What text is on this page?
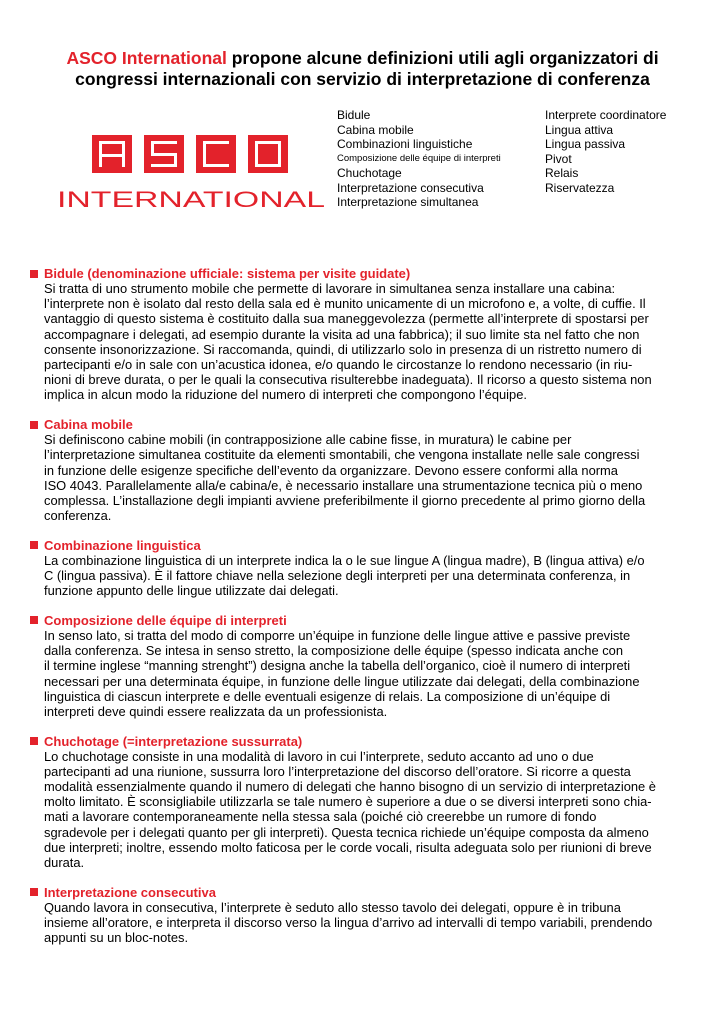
ASCO International propone alcune definizioni utili agli organizzatori di
congressi internazionali con servizio di interpretazione di conferenza
INTERNATIONAL
Bidule
Cabina mobile
Combinazioni linguistiche
Composizione delle équipe di interpreti
Chuchotage
Interpretazione consecutiva
Interpretazione simultanea
Interprete coordinatore
Lingua attiva
Lingua passiva
Pivot
Relais
Riservatezza
Bidule (denominazione ufficiale: sistema per visite guidate)
Si tratta di uno strumento mobile che permette di lavorare in simultanea senza installare una cabina:
l’interprete non è isolato dal resto della sala ed è munito unicamente di un microfono e, a volte, di cuffie. Il
vantaggio di questo sistema è costituito dalla sua maneggevolezza (permette all’interprete di spostarsi per
accompagnare i delegati, ad esempio durante la visita ad una fabbrica); il suo limite sta nel fatto che non
consente insonorizzazione. Si raccomanda, quindi, di utilizzarlo solo in presenza di un ristretto numero di
partecipanti e/o in sale con un’acustica idonea, e/o quando le circostanze lo rendono necessario (in riu-
nioni di breve durata, o per le quali la consecutiva risulterebbe inadeguata). Il ricorso a questo sistema non
implica in alcun modo la riduzione del numero di interpreti che compongono l’équipe.
Cabina mobile
Si definiscono cabine mobili (in contrapposizione alle cabine fisse, in muratura) le cabine per
l’interpretazione simultanea costituite da elementi smontabili, che vengona installate nelle sale congressi
in funzione delle esigenze specifiche dell’evento da organizzare. Devono essere conformi alla norma
ISO 4043. Parallelamente alla/e cabina/e, è necessario installare una strumentazione tecnica più o meno
complessa. L’installazione degli impianti avviene preferibilmente il giorno precedente al primo giorno della
conferenza.
Combinazione linguistica
La combinazione linguistica di un interprete indica la o le sue lingue A (lingua madre), B (lingua attiva) e/o
C (lingua passiva). È il fattore chiave nella selezione degli interpreti per una determinata conferenza, in
funzione appunto delle lingue utilizzate dai delegati.
Composizione delle équipe di interpreti
In senso lato, si tratta del modo di comporre un’équipe in funzione delle lingue attive e passive previste
dalla conferenza. Se intesa in senso stretto, la composizione delle équipe (spesso indicata anche con
il termine inglese “manning strenght”) designa anche la tabella dell’organico, cioè il numero di interpreti
necessari per una determinata équipe, in funzione delle lingue utilizzate dai delegati, della combinazione
linguistica di ciascun interprete e delle eventuali esigenze di relais. La composizione di un’équipe di
interpreti deve quindi essere realizzata da un professionista.
Chuchotage (=interpretazione sussurrata)
Lo chuchotage consiste in una modalità di lavoro in cui l’interprete, seduto accanto ad uno o due
partecipanti ad una riunione, sussurra loro l’interpretazione del discorso dell’oratore. Si ricorre a questa
modalità essenzialmente quando il numero di delegati che hanno bisogno di un servizio di interpretazione è
molto limitato. È sconsigliabile utilizzarla se tale numero è superiore a due o se diversi interpreti sono chia-
mati a lavorare contemporaneamente nella stessa sala (poiché ciò creerebbe un rumore di fondo
sgradevole per i delegati quanto per gli interpreti). Questa tecnica richiede un’équipe composta da almeno
due interpreti; inoltre, essendo molto faticosa per le corde vocali, risulta adeguata solo per riunioni di breve
durata.
Interpretazione consecutiva
Quando lavora in consecutiva, l’interprete è seduto allo stesso tavolo dei delegati, oppure è in tribuna
insieme all’oratore, e interpreta il discorso verso la lingua d’arrivo ad intervalli di tempo variabili, prendendo
appunti su un bloc-notes.
